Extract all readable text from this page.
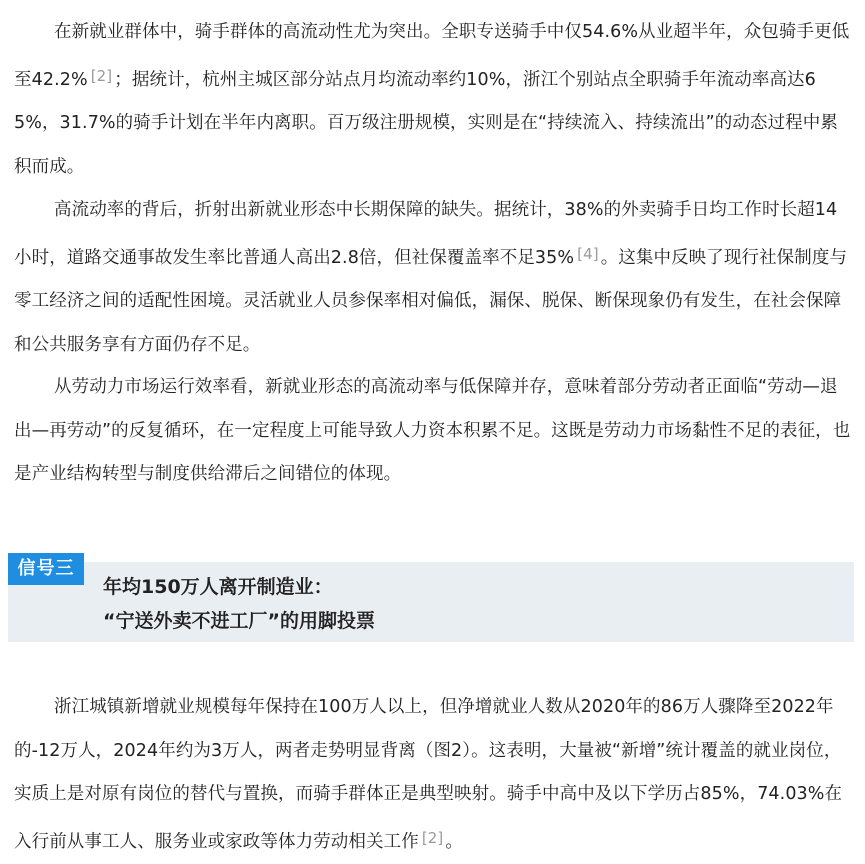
在新就业群体中，骑手群体的高流动性尤为突出。全职专送骑手中仅54.6%从业超半年，众包骑手更低至42.2% [2] ；据统计，杭州主城区部分站点月均流动率约10%，浙江个别站点全职骑手年流动率高达65%，31.7%的骑手计划在半年内离职。百万级注册规模，实则是在“持续流入、持续流出”的动态过程中累积而成。

高流动率的背后，折射出新就业形态中长期保障的缺失。据统计，38%的外卖骑手日均工作时长超14小时，道路交通事故发生率比普通人高出2.8倍，但社保覆盖率不足35% [4] 。这集中反映了现行社保制度与零工经济之间的适配性困境。灵活就业人员参保率相对偏低，漏保、脱保、断保现象仍有发生，在社会保障和公共服务享有方面仍存不足。

从劳动力市场运行效率看，新就业形态的高流动率与低保障并存，意味着部分劳动者正面临“劳动—退出—再劳动”的反复循环，在一定程度上可能导致人力资本积累不足。这既是劳动力市场黏性不足的表征，也是产业结构转型与制度供给滞后之间错位的体现。

信号三
年均150万人离开制造业：
“宁送外卖不进工厂”的用脚投票

浙江城镇新增就业规模每年保持在100万人以上，但净增就业人数从2020年的86万人骤降至2022年的-12万人，2024年约为3万人，两者走势明显背离（图2）。这表明，大量被“新增”统计覆盖的就业岗位，实质上是对原有岗位的替代与置换，而骑手群体正是典型映射。骑手中高中及以下学历占85%，74.03%在入行前从事工人、服务业或家政等体力劳动相关工作 [2] 。
